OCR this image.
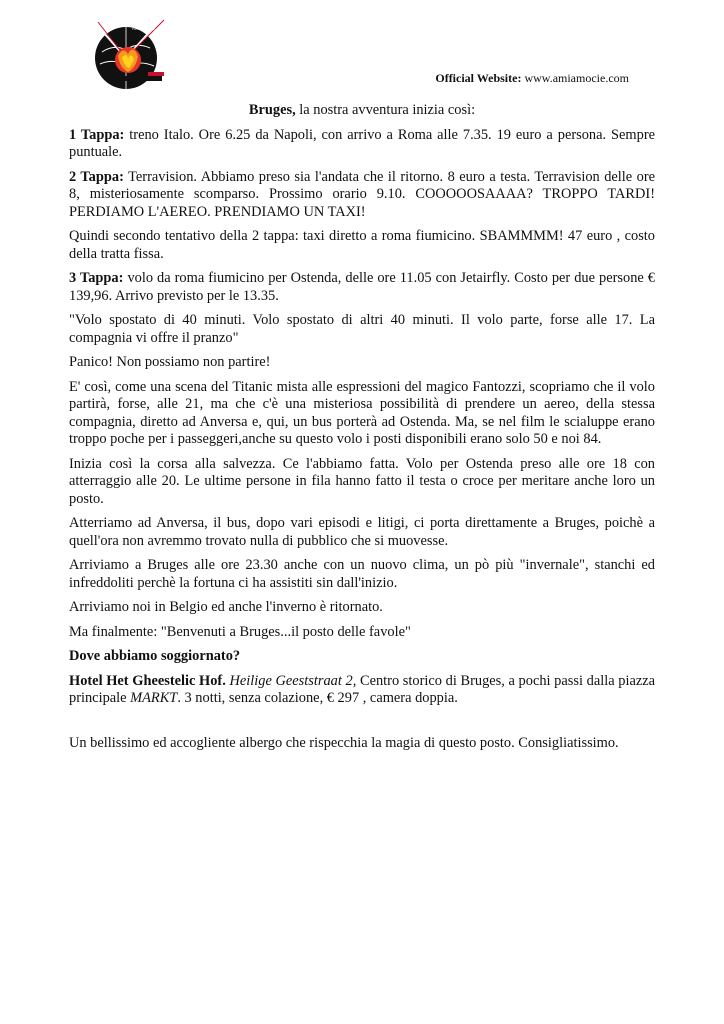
AMIAMOCIE
Official Website: www.amiamocie.com

Bruges, la nostra avventura inizia così:

1 Tappa: treno Italo. Ore 6.25 da Napoli, con arrivo a Roma alle 7.35. 19 euro a persona. Sempre puntuale.

2 Tappa: Terravision. Abbiamo preso sia l'andata che il ritorno. 8 euro a testa. Terravision delle ore 8, misteriosamente scomparso. Prossimo orario 9.10. COOOOOSAAAA? TROPPO TARDI! PERDIAMO L'AEREO. PRENDIAMO UN TAXI!

Quindi secondo tentativo della 2 tappa: taxi diretto a roma fiumicino. SBAMMMM! 47 euro , costo della tratta fissa.

3 Tappa: volo da roma fiumicino per Ostenda, delle ore 11.05 con Jetairfly. Costo per due persone € 139,96. Arrivo previsto per le 13.35.

"Volo spostato di 40 minuti. Volo spostato di altri 40 minuti. Il volo parte, forse alle 17. La compagnia vi offre il pranzo"

Panico! Non possiamo non partire!

E' così, come una scena del Titanic mista alle espressioni del magico Fantozzi, scopriamo che il volo partirà, forse, alle 21, ma che c'è una misteriosa possibilità di prendere un aereo, della stessa compagnia, diretto ad Anversa e, qui, un bus porterà ad Ostenda. Ma, se nel film le scialuppe erano troppo poche per i passeggeri,anche su questo volo i posti disponibili erano solo 50 e noi 84.

Inizia così la corsa alla salvezza. Ce l'abbiamo fatta. Volo per Ostenda preso alle ore 18 con atterraggio alle 20. Le ultime persone in fila hanno fatto il testa o croce per meritare anche loro un posto.

Atterriamo ad Anversa, il bus, dopo vari episodi e litigi, ci porta direttamente a Bruges, poichè a quell'ora non avremmo trovato nulla di pubblico che si muovesse.

Arriviamo a Bruges alle ore 23.30 anche con un nuovo clima, un pò più "invernale", stanchi ed infreddoliti perchè la fortuna ci ha assistiti sin dall'inizio.

Arriviamo noi in Belgio ed anche l'inverno è ritornato.

Ma finalmente: "Benvenuti a Bruges...il posto delle favole"

Dove abbiamo soggiornato?

Hotel Het Gheestelic Hof. Heilige Geeststraat 2, Centro storico di Bruges, a pochi passi dalla piazza principale MARKT. 3 notti, senza colazione, € 297 , camera doppia.

Un bellissimo ed accogliente albergo che rispecchia la magia di questo posto. Consigliatissimo.
